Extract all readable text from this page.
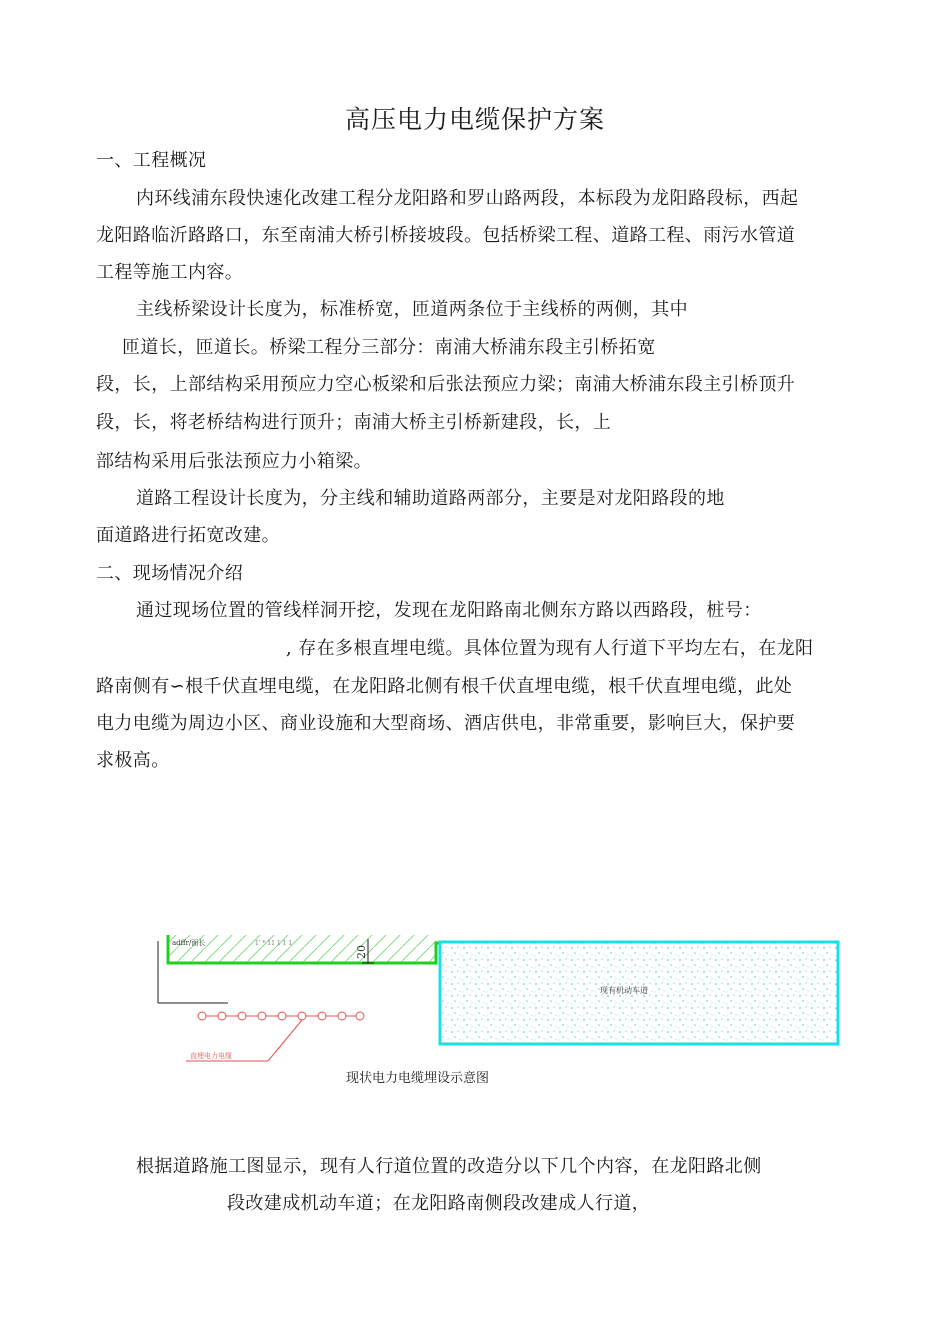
高压电力电缆保护方案
一、工程概况
内环线浦东段快速化改建工程分龙阳路和罗山路两段，本标段为龙阳路段标，西起
龙阳路临沂路路口，东至南浦大桥引桥接坡段。包括桥梁工程、道路工程、雨污水管道
工程等施工内容。
主线桥梁设计长度为，标准桥宽，匝道两条位于主线桥的两侧，其中
匝道长，匝道长。桥梁工程分三部分：南浦大桥浦东段主引桥拓宽
段，长，上部结构采用预应力空心板梁和后张法预应力梁；南浦大桥浦东段主引桥顶升
段，长，将老桥结构进行顶升；南浦大桥主引桥新建段，长，上
部结构采用后张法预应力小箱梁。
道路工程设计长度为，分主线和辅助道路两部分，主要是对龙阳路段的地
面道路进行拓宽改建。
二、现场情况介绍
通过现场位置的管线样洞开挖，发现在龙阳路南北侧东方路以西路段，桩号：
, 存在多根直埋电缆。具体位置为现有人行道下平均左右，在龙阳
路南侧有∽根千伏直埋电缆，在龙阳路北侧有根千伏直埋电缆，根千伏直埋电缆，此处
电力电缆为周边小区、商业设施和大型商场、酒店供电，非常重要，影响巨大，保护要
求极高。
20
adffr/面长	1' * 11 1 1 1
直埋电力电缆
现有机动车道
现状电力电缆埋设示意图
根据道路施工图显示，现有人行道位置的改造分以下几个内容，在龙阳路北侧
段改建成机动车道；在龙阳路南侧段改建成人行道，
